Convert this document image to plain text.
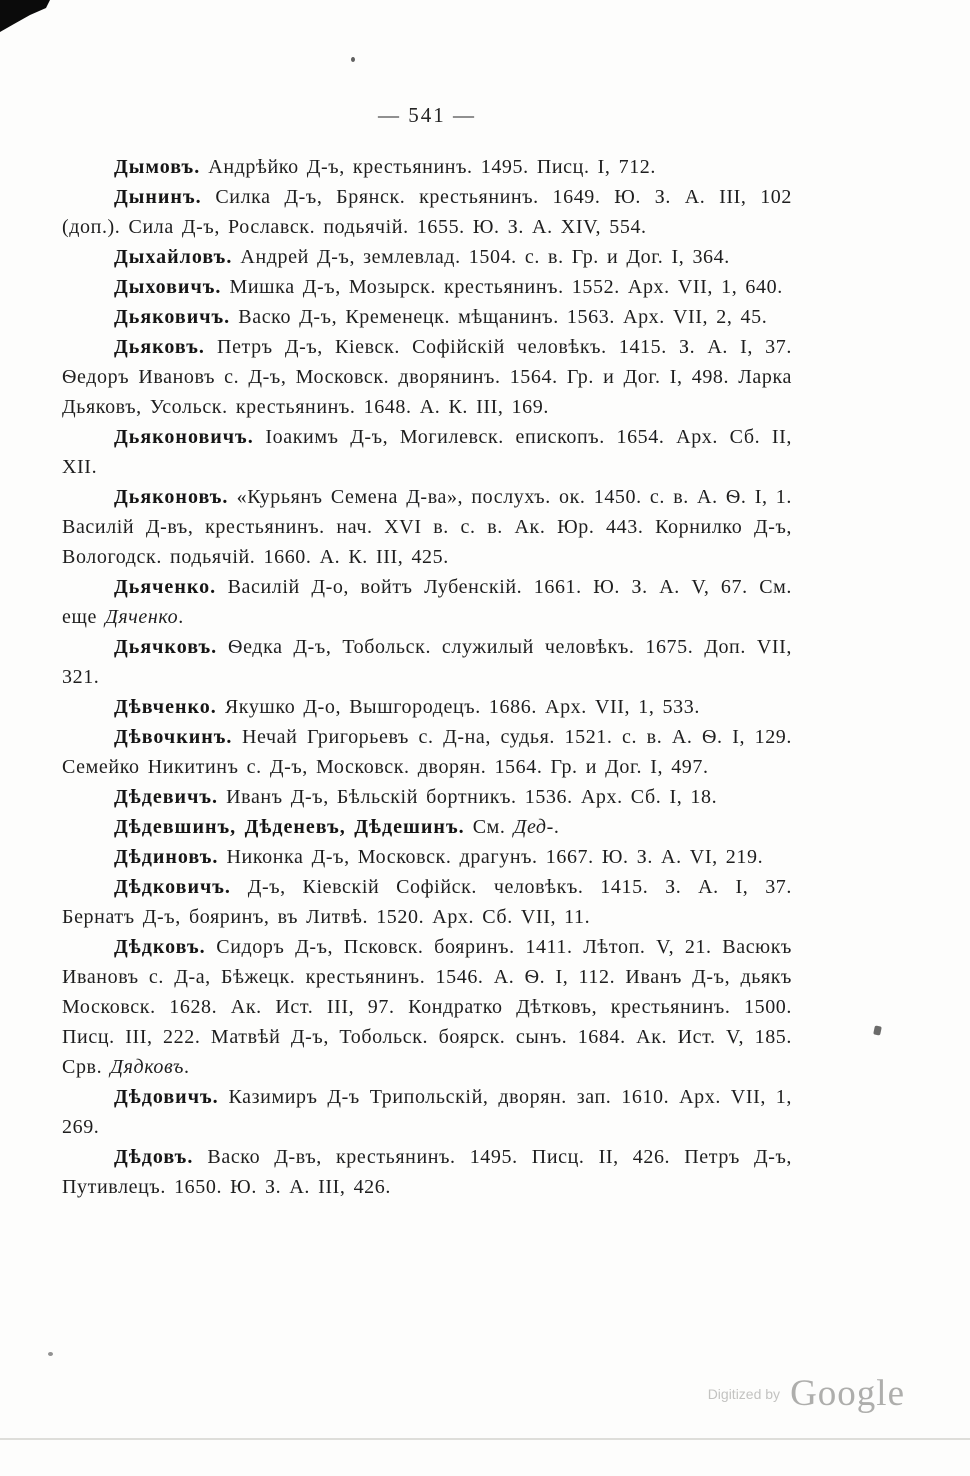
— 541 —

Дымовъ. Андрѣйко Д-ъ, крестьянинъ. 1495. Писц. I, 712.

Дынинъ. Силка Д-ъ, Брянск. крестьянинъ. 1649. Ю. З. А. III, 102 (доп.). Сила Д-ъ, Рославск. подьячій. 1655. Ю. З. А. XIV, 554.

Дыхайловъ. Андрей Д-ъ, землевлад. 1504. с. в. Гр. и Дог. I, 364.

Дыховичъ. Мишка Д-ъ, Мозырск. крестьянинъ. 1552. Арх. VII, 1, 640.

Дьяковичъ. Васко Д-ъ, Кременецк. мѣщанинъ. 1563. Арх. VII, 2, 45.

Дьяковъ. Петръ Д-ъ, Кіевск. Софійскій человѣкъ. 1415. З. А. I, 37. Ѳедоръ Ивановъ с. Д-ъ, Московск. дворянинъ. 1564. Гр. и Дог. I, 498. Ларка Дьяковъ, Усольск. крестьянинъ. 1648. А. К. III, 169.

Дьяконовичъ. Іоакимъ Д-ъ, Могилевск. епископъ. 1654. Арх. Сб. II, XII.

Дьяконовъ. «Курьянъ Семена Д-ва», послухъ. ок. 1450. с. в. А. Ѳ. I, 1. Василій Д-въ, крестьянинъ. нач. XVI в. с. в. Ак. Юр. 443. Корнилко Д-ъ, Вологодск. подьячій. 1660. А. К. III, 425.

Дьяченко. Василій Д-о, войтъ Лубенскій. 1661. Ю. З. А. V, 67. См. еще Дяченко.

Дьячковъ. Ѳедка Д-ъ, Тобольск. служилый человѣкъ. 1675. Доп. VII, 321.

Дѣвченко. Якушко Д-о, Вышгородецъ. 1686. Арх. VII, 1, 533.

Дѣвочкинъ. Нечай Григорьевъ с. Д-на, судья. 1521. с. в. А. Ѳ. I, 129. Семейко Никитинъ с. Д-ъ, Московск. дворян. 1564. Гр. и Дог. I, 497.

Дѣдевичъ. Иванъ Д-ъ, Бѣльскій бортникъ. 1536. Арх. Сб. I, 18.

Дѣдевшинъ, Дѣденевъ, Дѣдешинъ. См. Дед-.

Дѣдиновъ. Никонка Д-ъ, Московск. драгунъ. 1667. Ю. З. А. VI, 219.

Дѣдковичъ. Д-ъ, Кіевскій Софійск. человѣкъ. 1415. З. А. I, 37. Бернатъ Д-ъ, бояринъ, въ Литвѣ. 1520. Арх. Сб. VII, 11.

Дѣдковъ. Сидоръ Д-ъ, Псковск. бояринъ. 1411. Лѣтоп. V, 21. Васюкъ Ивановъ с. Д-а, Бѣжецк. крестьянинъ. 1546. А. Ѳ. I, 112. Иванъ Д-ъ, дьякъ Московск. 1628. Ак. Ист. III, 97. Кондратко Дѣтковъ, крестьянинъ. 1500. Писц. III, 222. Матвѣй Д-ъ, Тобольск. боярск. сынъ. 1684. Ак. Ист. V, 185. Срв. Дядковъ.

Дѣдовичъ. Казимиръ Д-ъ Трипольскій, дворян. зап. 1610. Арх. VII, 1, 269.

Дѣдовъ. Васко Д-въ, крестьянинъ. 1495. Писц. II, 426. Петръ Д-ъ, Путивлецъ. 1650. Ю. З. А. III, 426.

Digitized by Google
